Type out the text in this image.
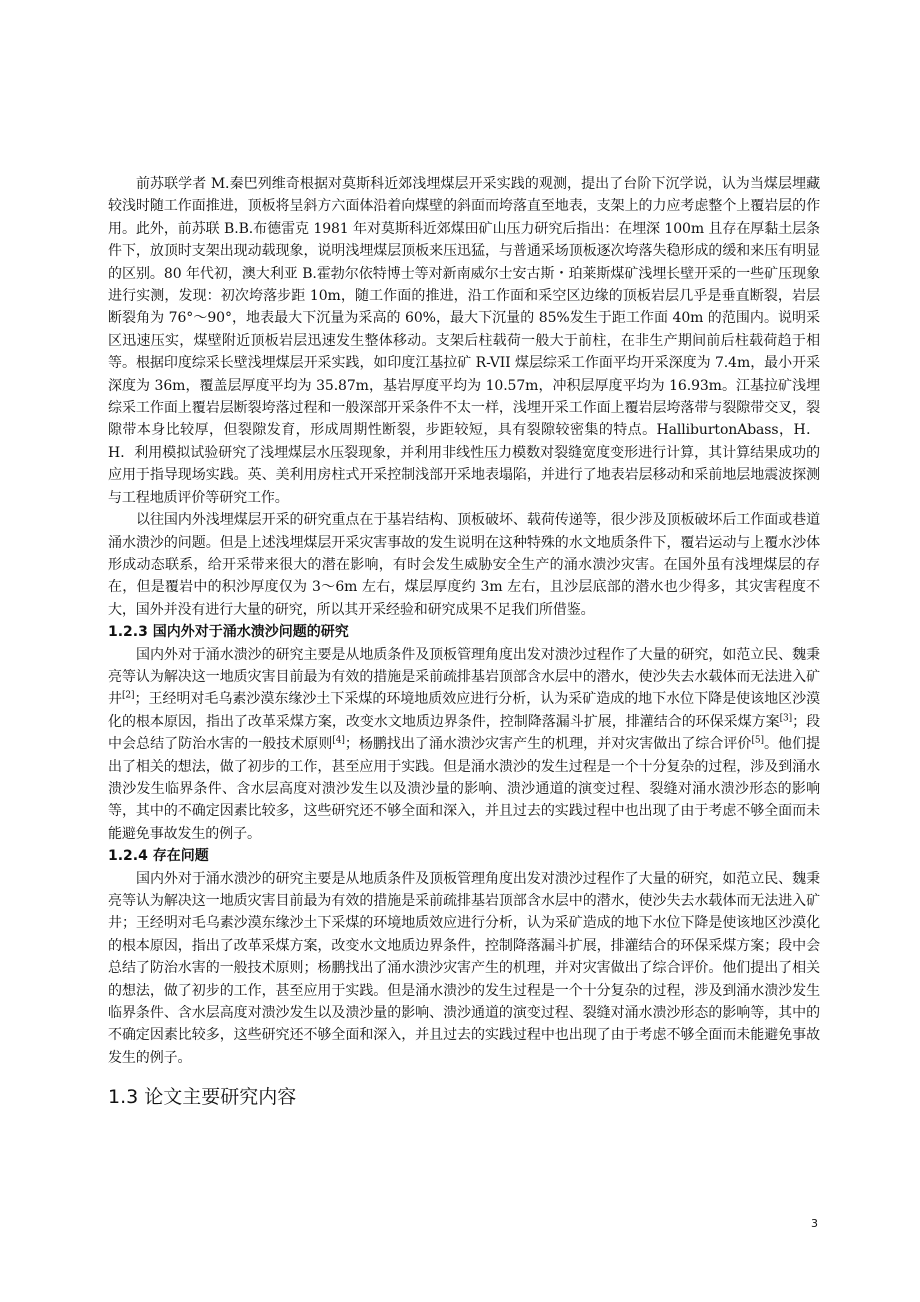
前苏联学者 M.秦巴列维奇根据对莫斯科近郊浅埋煤层开采实践的观测，提出了台阶下沉学说，认为当煤层埋藏较浅时随工作面推进，顶板将呈斜方六面体沿着向煤壁的斜面而垮落直至地表，支架上的力应考虑整个上覆岩层的作用。此外，前苏联 B.B.布德雷克 1981 年对莫斯科近郊煤田矿山压力研究后指出：在埋深 100m 且存在厚黏土层条件下，放顶时支架出现动载现象，说明浅埋煤层顶板来压迅猛，与普通采场顶板逐次垮落失稳形成的缓和来压有明显的区别。80 年代初，澳大利亚 B.霍勃尔依特博士等对新南威尔士安古斯・珀莱斯煤矿浅埋长壁开采的一些矿压现象进行实测，发现：初次垮落步距 10m，随工作面的推进，沿工作面和采空区边缘的顶板岩层几乎是垂直断裂，岩层断裂角为 76°～90°，地表最大下沉量为采高的 60%，最大下沉量的 85%发生于距工作面 40m 的范围内。说明采区迅速压实，煤壁附近顶板岩层迅速发生整体移动。支架后柱载荷一般大于前柱，在非生产期间前后柱载荷趋于相等。根据印度综采长壁浅埋煤层开采实践，如印度江基拉矿 R-VII 煤层综采工作面平均开采深度为 7.4m，最小开采深度为 36m，覆盖层厚度平均为 35.87m，基岩厚度平均为 10.57m，冲积层厚度平均为 16.93m。江基拉矿浅埋综采工作面上覆岩层断裂垮落过程和一般深部开采条件不太一样，浅埋开采工作面上覆岩层垮落带与裂隙带交叉，裂隙带本身比较厚，但裂隙发育，形成周期性断裂，步距较短，具有裂隙较密集的特点。HalliburtonAbass，H．H．利用模拟试验研究了浅埋煤层水压裂现象，并利用非线性压力模数对裂缝宽度变形进行计算，其计算结果成功的应用于指导现场实践。英、美利用房柱式开采控制浅部开采地表塌陷，并进行了地表岩层移动和采前地层地震波探测与工程地质评价等研究工作。

以往国内外浅埋煤层开采的研究重点在于基岩结构、顶板破坏、载荷传递等，很少涉及顶板破坏后工作面或巷道涌水溃沙的问题。但是上述浅埋煤层开采灾害事故的发生说明在这种特殊的水文地质条件下，覆岩运动与上覆水沙体形成动态联系，给开采带来很大的潜在影响，有时会发生威胁安全生产的涌水溃沙灾害。在国外虽有浅埋煤层的存在，但是覆岩中的积沙厚度仅为 3～6m 左右，煤层厚度约 3m 左右，且沙层底部的潜水也少得多，其灾害程度不大，国外并没有进行大量的研究，所以其开采经验和研究成果不足我们所借鉴。

1.2.3 国内外对于涌水溃沙问题的研究

国内外对于涌水溃沙的研究主要是从地质条件及顶板管理角度出发对溃沙过程作了大量的研究，如范立民、魏秉亮等认为解决这一地质灾害目前最为有效的措施是采前疏排基岩顶部含水层中的潜水，使沙失去水载体而无法进入矿井[2]；王经明对毛乌素沙漠东缘沙土下采煤的环境地质效应进行分析，认为采矿造成的地下水位下降是使该地区沙漠化的根本原因，指出了改革采煤方案，改变水文地质边界条件，控制降落漏斗扩展，排灌结合的环保采煤方案[3]；段中会总结了防治水害的一般技术原则[4]；杨鹏找出了涌水溃沙灾害产生的机理，并对灾害做出了综合评价[5]。他们提出了相关的想法，做了初步的工作，甚至应用于实践。但是涌水溃沙的发生过程是一个十分复杂的过程，涉及到涌水溃沙发生临界条件、含水层高度对溃沙发生以及溃沙量的影响、溃沙通道的演变过程、裂缝对涌水溃沙形态的影响等，其中的不确定因素比较多，这些研究还不够全面和深入，并且过去的实践过程中也出现了由于考虑不够全面而未能避免事故发生的例子。

1.2.4 存在问题

国内外对于涌水溃沙的研究主要是从地质条件及顶板管理角度出发对溃沙过程作了大量的研究，如范立民、魏秉亮等认为解决这一地质灾害目前最为有效的措施是采前疏排基岩顶部含水层中的潜水，使沙失去水载体而无法进入矿井；王经明对毛乌素沙漠东缘沙土下采煤的环境地质效应进行分析，认为采矿造成的地下水位下降是使该地区沙漠化的根本原因，指出了改革采煤方案，改变水文地质边界条件，控制降落漏斗扩展，排灌结合的环保采煤方案；段中会总结了防治水害的一般技术原则；杨鹏找出了涌水溃沙灾害产生的机理，并对灾害做出了综合评价。他们提出了相关的想法，做了初步的工作，甚至应用于实践。但是涌水溃沙的发生过程是一个十分复杂的过程，涉及到涌水溃沙发生临界条件、含水层高度对溃沙发生以及溃沙量的影响、溃沙通道的演变过程、裂缝对涌水溃沙形态的影响等，其中的不确定因素比较多，这些研究还不够全面和深入，并且过去的实践过程中也出现了由于考虑不够全面而未能避免事故发生的例子。

1.3 论文主要研究内容

3
